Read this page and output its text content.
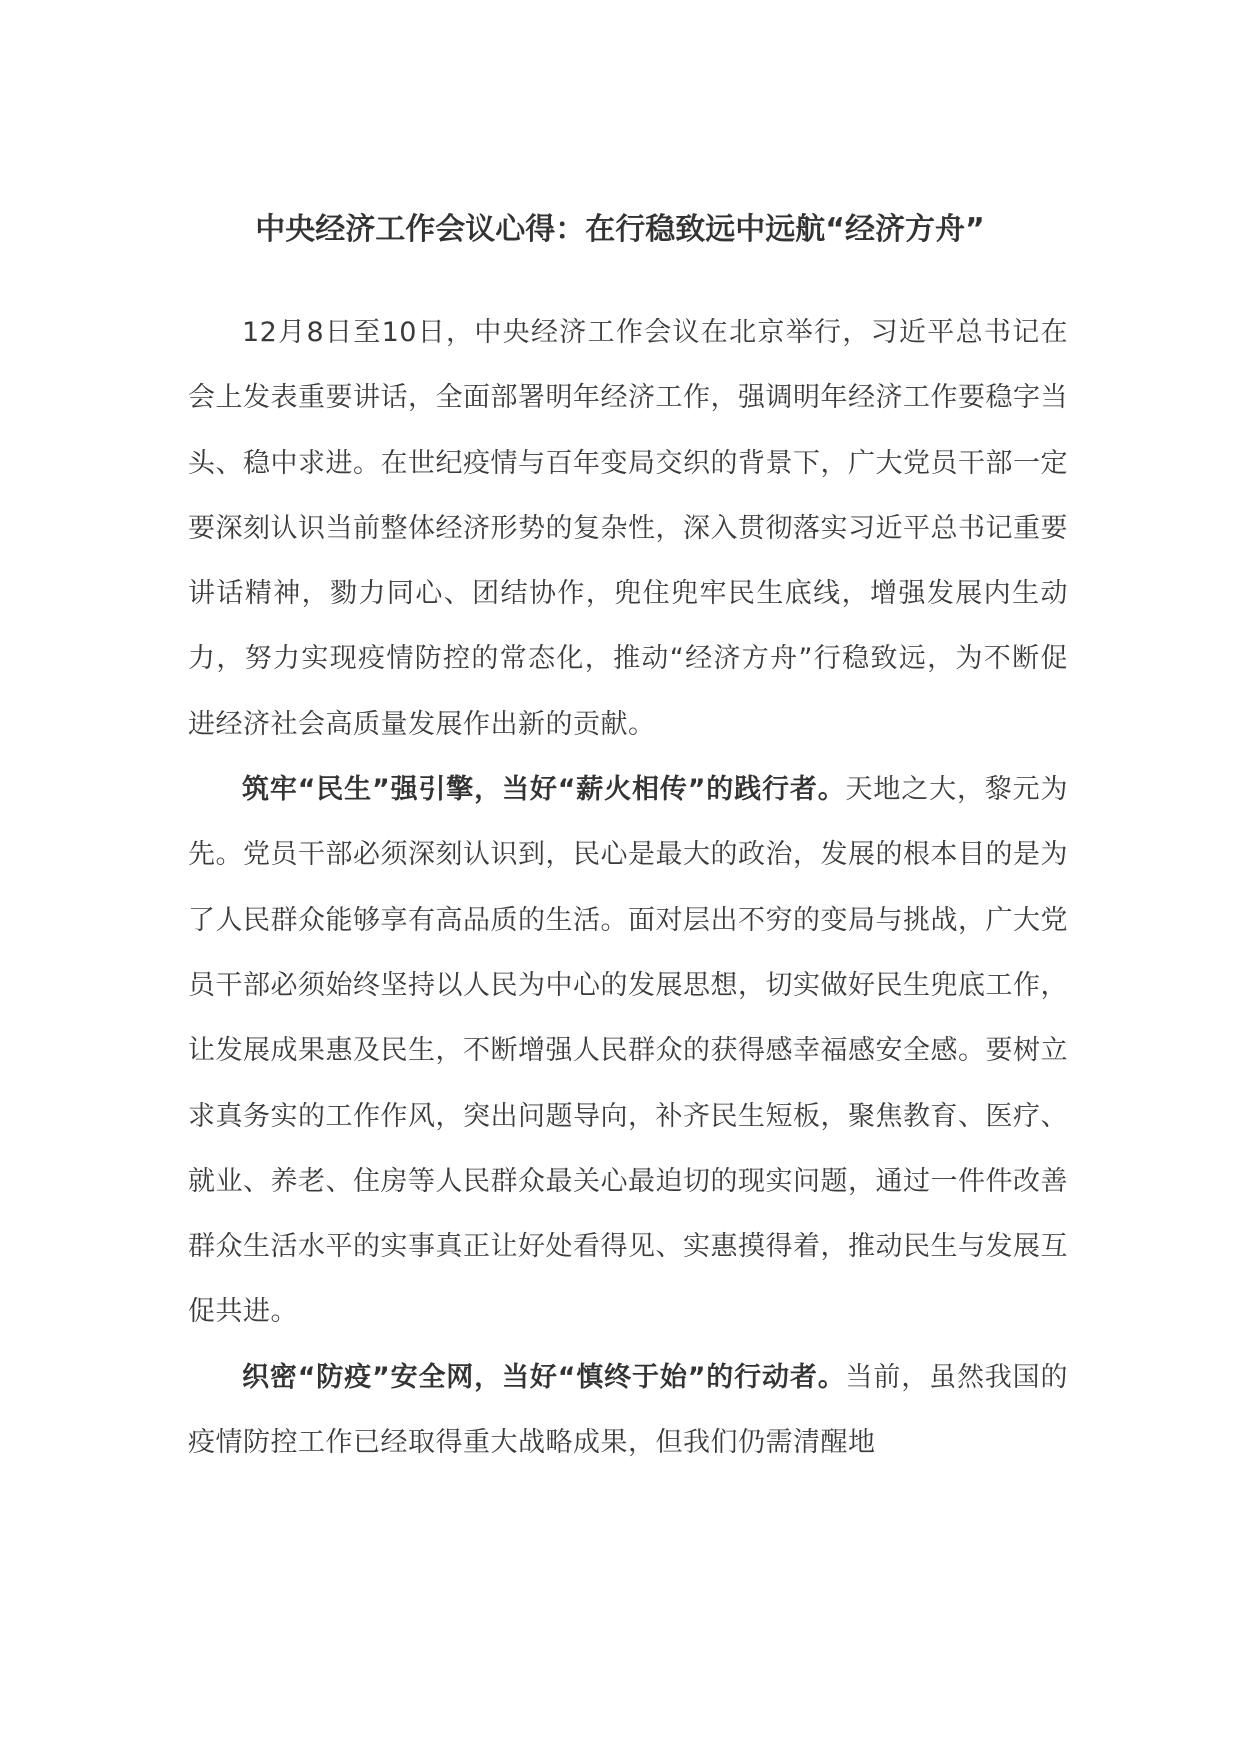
中央经济工作会议心得：在行稳致远中远航“经济方舟”

12月8日至10日，中央经济工作会议在北京举行，习近平总书记在会上发表重要讲话，全面部署明年经济工作，强调明年经济工作要稳字当头、稳中求进。在世纪疫情与百年变局交织的背景下，广大党员干部一定要深刻认识当前整体经济形势的复杂性，深入贯彻落实习近平总书记重要讲话精神，勠力同心、团结协作，兜住兜牢民生底线，增强发展内生动力，努力实现疫情防控的常态化，推动“经济方舟”行稳致远，为不断促进经济社会高质量发展作出新的贡献。

筑牢“民生”强引擎，当好“薪火相传”的践行者。天地之大，黎元为先。党员干部必须深刻认识到，民心是最大的政治，发展的根本目的是为了人民群众能够享有高品质的生活。面对层出不穷的变局与挑战，广大党员干部必须始终坚持以人民为中心的发展思想，切实做好民生兜底工作，让发展成果惠及民生，不断增强人民群众的获得感幸福感安全感。要树立求真务实的工作作风，突出问题导向，补齐民生短板，聚焦教育、医疗、就业、养老、住房等人民群众最关心最迫切的现实问题，通过一件件改善群众生活水平的实事真正让好处看得见、实惠摸得着，推动民生与发展互促共进。

织密“防疫”安全网，当好“慎终于始”的行动者。当前，虽然我国的疫情防控工作已经取得重大战略成果，但我们仍需清醒地
